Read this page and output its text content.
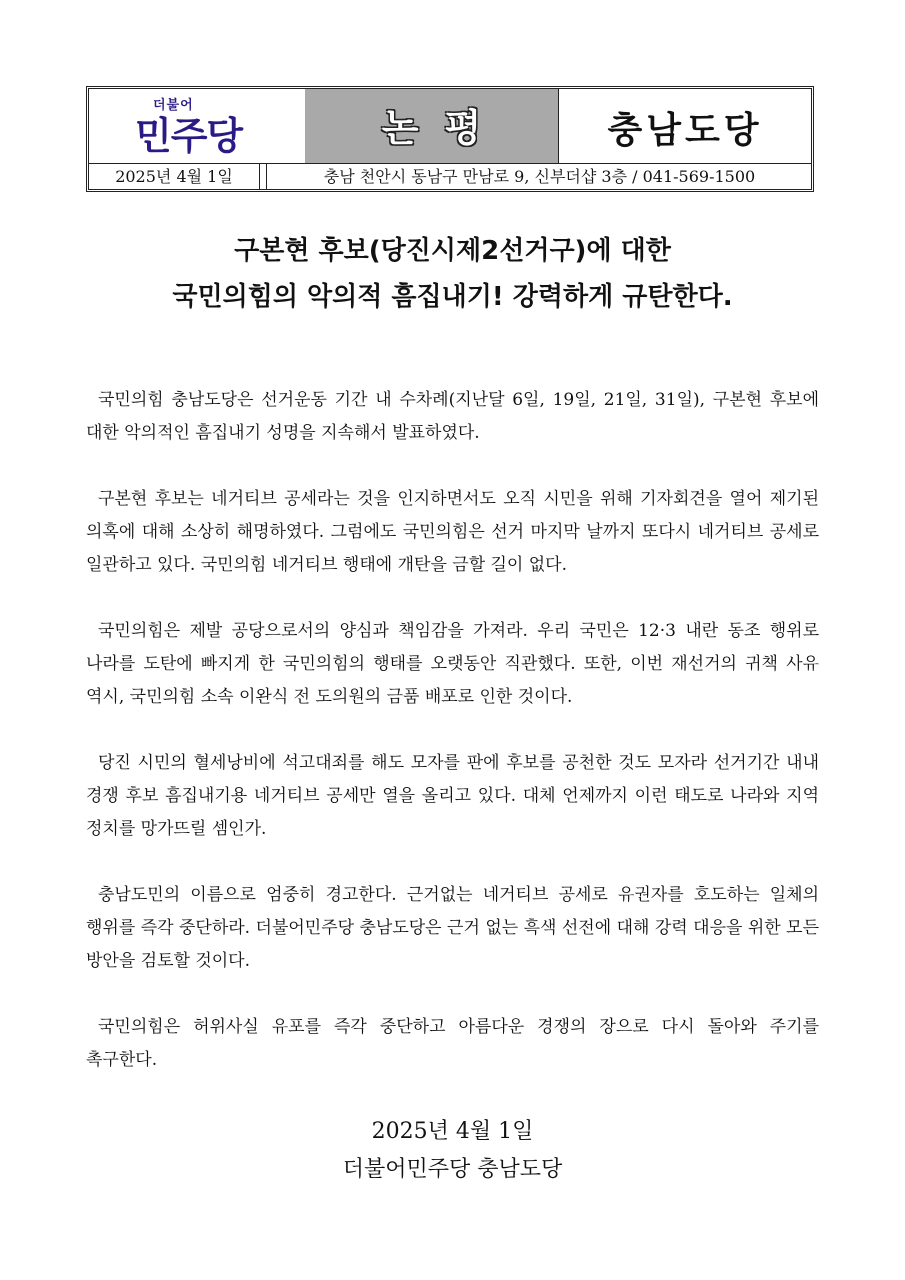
더불어
민주당	논평	충남도당
2025년 4월 1일	충남 천안시 동남구 만남로 9, 신부더샵 3층 / 041-569-1500
구본현 후보(당진시제2선거구)에 대한
국민의힘의 악의적 흠집내기! 강력하게 규탄한다.

국민의힘 충남도당은 선거운동 기간 내 수차례(지난달 6일, 19일, 21일, 31일), 구본현 후보에 대한 악의적인 흠집내기 성명을 지속해서 발표하였다.

구본현 후보는 네거티브 공세라는 것을 인지하면서도 오직 시민을 위해 기자회견을 열어 제기된 의혹에 대해 소상히 해명하였다. 그럼에도 국민의힘은 선거 마지막 날까지 또다시 네거티브 공세로 일관하고 있다. 국민의힘 네거티브 행태에 개탄을 금할 길이 없다.

국민의힘은 제발 공당으로서의 양심과 책임감을 가져라. 우리 국민은 12·3 내란 동조 행위로 나라를 도탄에 빠지게 한 국민의힘의 행태를 오랫동안 직관했다. 또한, 이번 재선거의 귀책 사유 역시, 국민의힘 소속 이완식 전 도의원의 금품 배포로 인한 것이다.

당진 시민의 혈세낭비에 석고대죄를 해도 모자를 판에 후보를 공천한 것도 모자라 선거기간 내내 경쟁 후보 흠집내기용 네거티브 공세만 열을 올리고 있다. 대체 언제까지 이런 태도로 나라와 지역 정치를 망가뜨릴 셈인가.

충남도민의 이름으로 엄중히 경고한다. 근거없는 네거티브 공세로 유권자를 호도하는 일체의 행위를 즉각 중단하라. 더불어민주당 충남도당은 근거 없는 흑색 선전에 대해 강력 대응을 위한 모든 방안을 검토할 것이다.

국민의힘은 허위사실 유포를 즉각 중단하고 아름다운 경쟁의 장으로 다시 돌아와 주기를 촉구한다.

2025년 4월 1일
더불어민주당 충남도당
